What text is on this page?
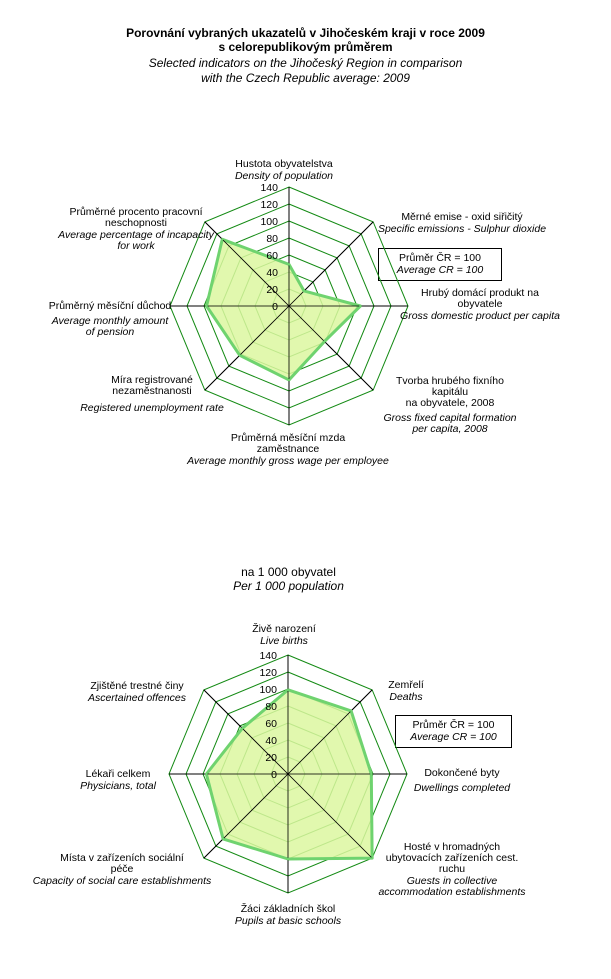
Porovnání vybraných ukazatelů v Jihočeském kraji v roce 2009
s celorepublikovým průměrem
Selected indicators on the Jihočeský Region in comparison
with the Czech Republic average: 2009
na 1 000 obyvatel
Per 1 000 population
Průměr ČR = 100
Average CR = 100
Průměr ČR = 100
Average CR = 100
0
20
40
60
80
100
120
140
Hustota obyvatelstva
Density of population
Měrné emise - oxid siřičitý
Specific emissions - Sulphur dioxide
Hrubý domácí produkt na
obyvatele
Gross domestic product per capita
Tvorba hrubého fixního
kapitálu
na obyvatele, 2008
Gross fixed capital formation
per capita, 2008
Průměrná měsíční mzda
zaměstnance
Average monthly gross wage per employee
Míra registrované
nezaměstnanosti
Registered unemployment rate
Průměrný měsíční důchod
Average monthly amount
of pension
Průměrné procento pracovní
neschopnosti
Average percentage of incapacity
for work
0
20
40
60
80
100
120
140
Živě narození
Live births
Zemřelí
Deaths
Dokončené byty
Dwellings completed
Hosté v hromadných
ubytovacích zařízeních cest.
ruchu
Guests in collective
accommodation establishments
Žáci základních škol
Pupils at basic schools
Místa v zařízeních sociální
péče
Capacity of social care establishments
Lékaři celkem
Physicians, total
Zjištěné trestné činy
Ascertained offences
